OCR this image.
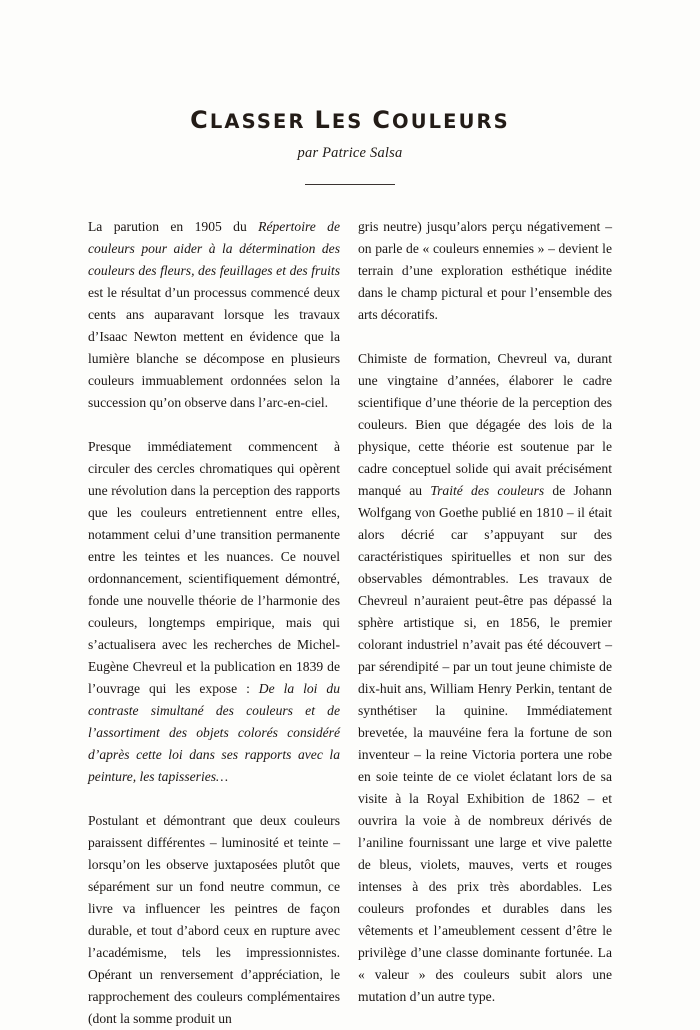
CLASSER LES COULEURS
par Patrice Salsa

La parution en 1905 du Répertoire de couleurs pour aider à la détermination des couleurs des fleurs, des feuillages et des fruits est le résultat d’un processus commencé deux cents ans auparavant lorsque les travaux d’Isaac Newton mettent en évidence que la lumière blanche se décompose en plusieurs couleurs immuablement ordonnées selon la succession qu’on observe dans l’arc-en-ciel.

Presque immédiatement commencent à circuler des cercles chromatiques qui opèrent une révolution dans la perception des rapports que les couleurs entretiennent entre elles, notamment celui d’une transition permanente entre les teintes et les nuances. Ce nouvel ordonnancement, scientifiquement démontré, fonde une nouvelle théorie de l’harmonie des couleurs, longtemps empirique, mais qui s’actualisera avec les recherches de Michel-Eugène Chevreul et la publication en 1839 de l’ouvrage qui les expose : De la loi du contraste simultané des couleurs et de l’assortiment des objets colorés considéré d’après cette loi dans ses rapports avec la peinture, les tapisseries…

Postulant et démontrant que deux couleurs paraissent différentes – luminosité et teinte – lorsqu’on les observe juxtaposées plutôt que séparément sur un fond neutre commun, ce livre va influencer les peintres de façon durable, et tout d’abord ceux en rupture avec l’académisme, tels les impressionnistes. Opérant un renversement d’appréciation, le rapprochement des couleurs complémentaires (dont la somme produit un

gris neutre) jusqu’alors perçu négativement – on parle de « couleurs ennemies » – devient le terrain d’une exploration esthétique inédite dans le champ pictural et pour l’ensemble des arts décoratifs.

Chimiste de formation, Chevreul va, durant une vingtaine d’années, élaborer le cadre scientifique d’une théorie de la perception des couleurs. Bien que dégagée des lois de la physique, cette théorie est soutenue par le cadre conceptuel solide qui avait précisément manqué au Traité des couleurs de Johann Wolfgang von Goethe publié en 1810 – il était alors décrié car s’appuyant sur des caractéristiques spirituelles et non sur des observables démontrables. Les travaux de Chevreul n’auraient peut-être pas dépassé la sphère artistique si, en 1856, le premier colorant industriel n’avait pas été découvert – par sérendipité – par un tout jeune chimiste de dix-huit ans, William Henry Perkin, tentant de synthétiser la quinine. Immédiatement brevetée, la mauvéine fera la fortune de son inventeur – la reine Victoria portera une robe en soie teinte de ce violet éclatant lors de sa visite à la Royal Exhibition de 1862 – et ouvrira la voie à de nombreux dérivés de l’aniline fournissant une large et vive palette de bleus, violets, mauves, verts et rouges intenses à des prix très abordables. Les couleurs profondes et durables dans les vêtements et l’ameublement cessent d’être le privilège d’une classe dominante fortunée. La « valeur » des couleurs subit alors une mutation d’un autre type.
